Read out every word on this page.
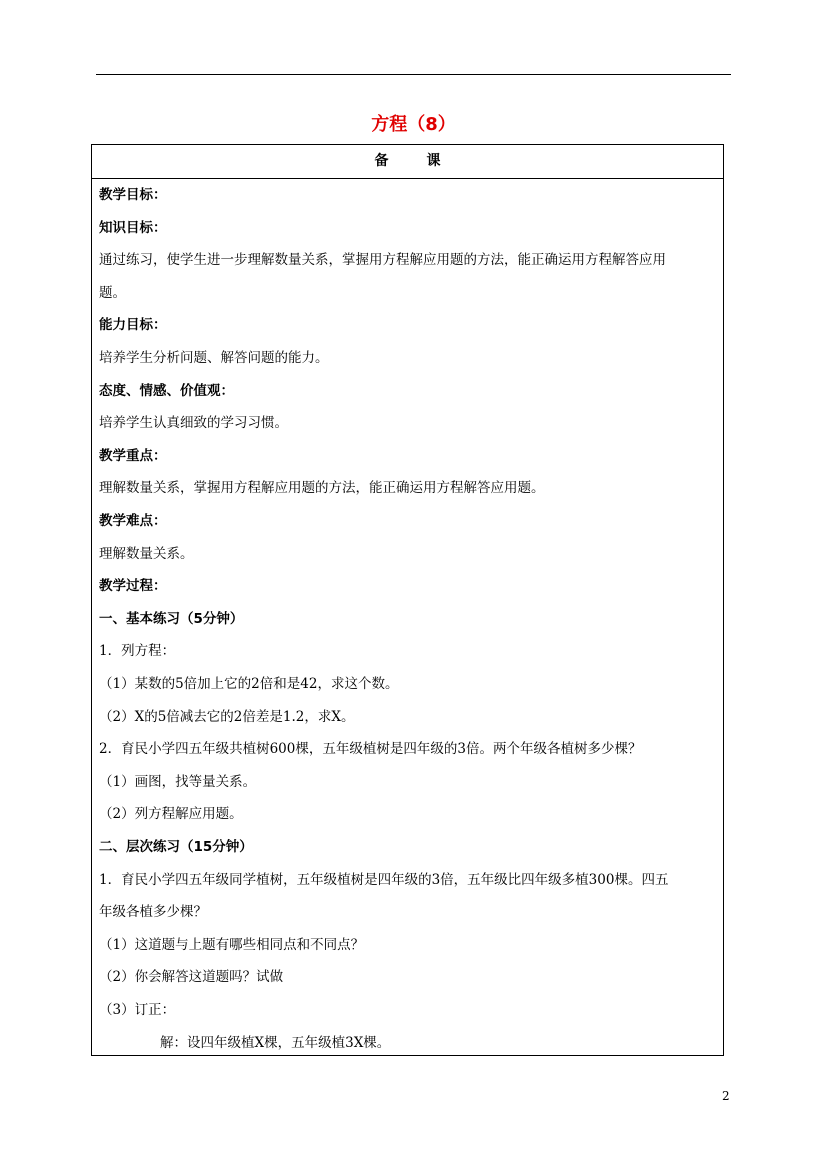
方程（8）
备	课
教学目标：
知识目标：
通过练习，使学生进一步理解数量关系，掌握用方程解应用题的方法，能正确运用方程解答应用
题。
能力目标：
培养学生分析问题、解答问题的能力。
态度、情感、价值观：
培养学生认真细致的学习习惯。
教学重点：
理解数量关系，掌握用方程解应用题的方法，能正确运用方程解答应用题。
教学难点：
理解数量关系。
教学过程：
一、基本练习（5分钟）
1．列方程：
（1）某数的5倍加上它的2倍和是42，求这个数。
（2）X的5倍减去它的2倍差是1.2，求X。
2．育民小学四五年级共植树600棵，五年级植树是四年级的3倍。两个年级各植树多少棵？
（1）画图，找等量关系。
（2）列方程解应用题。
二、层次练习（15分钟）
1．育民小学四五年级同学植树，五年级植树是四年级的3倍，五年级比四年级多植300棵。四五
年级各植多少棵？
（1）这道题与上题有哪些相同点和不同点？
（2）你会解答这道题吗？试做
（3）订正：
解：设四年级植X棵，五年级植3X棵。
2
